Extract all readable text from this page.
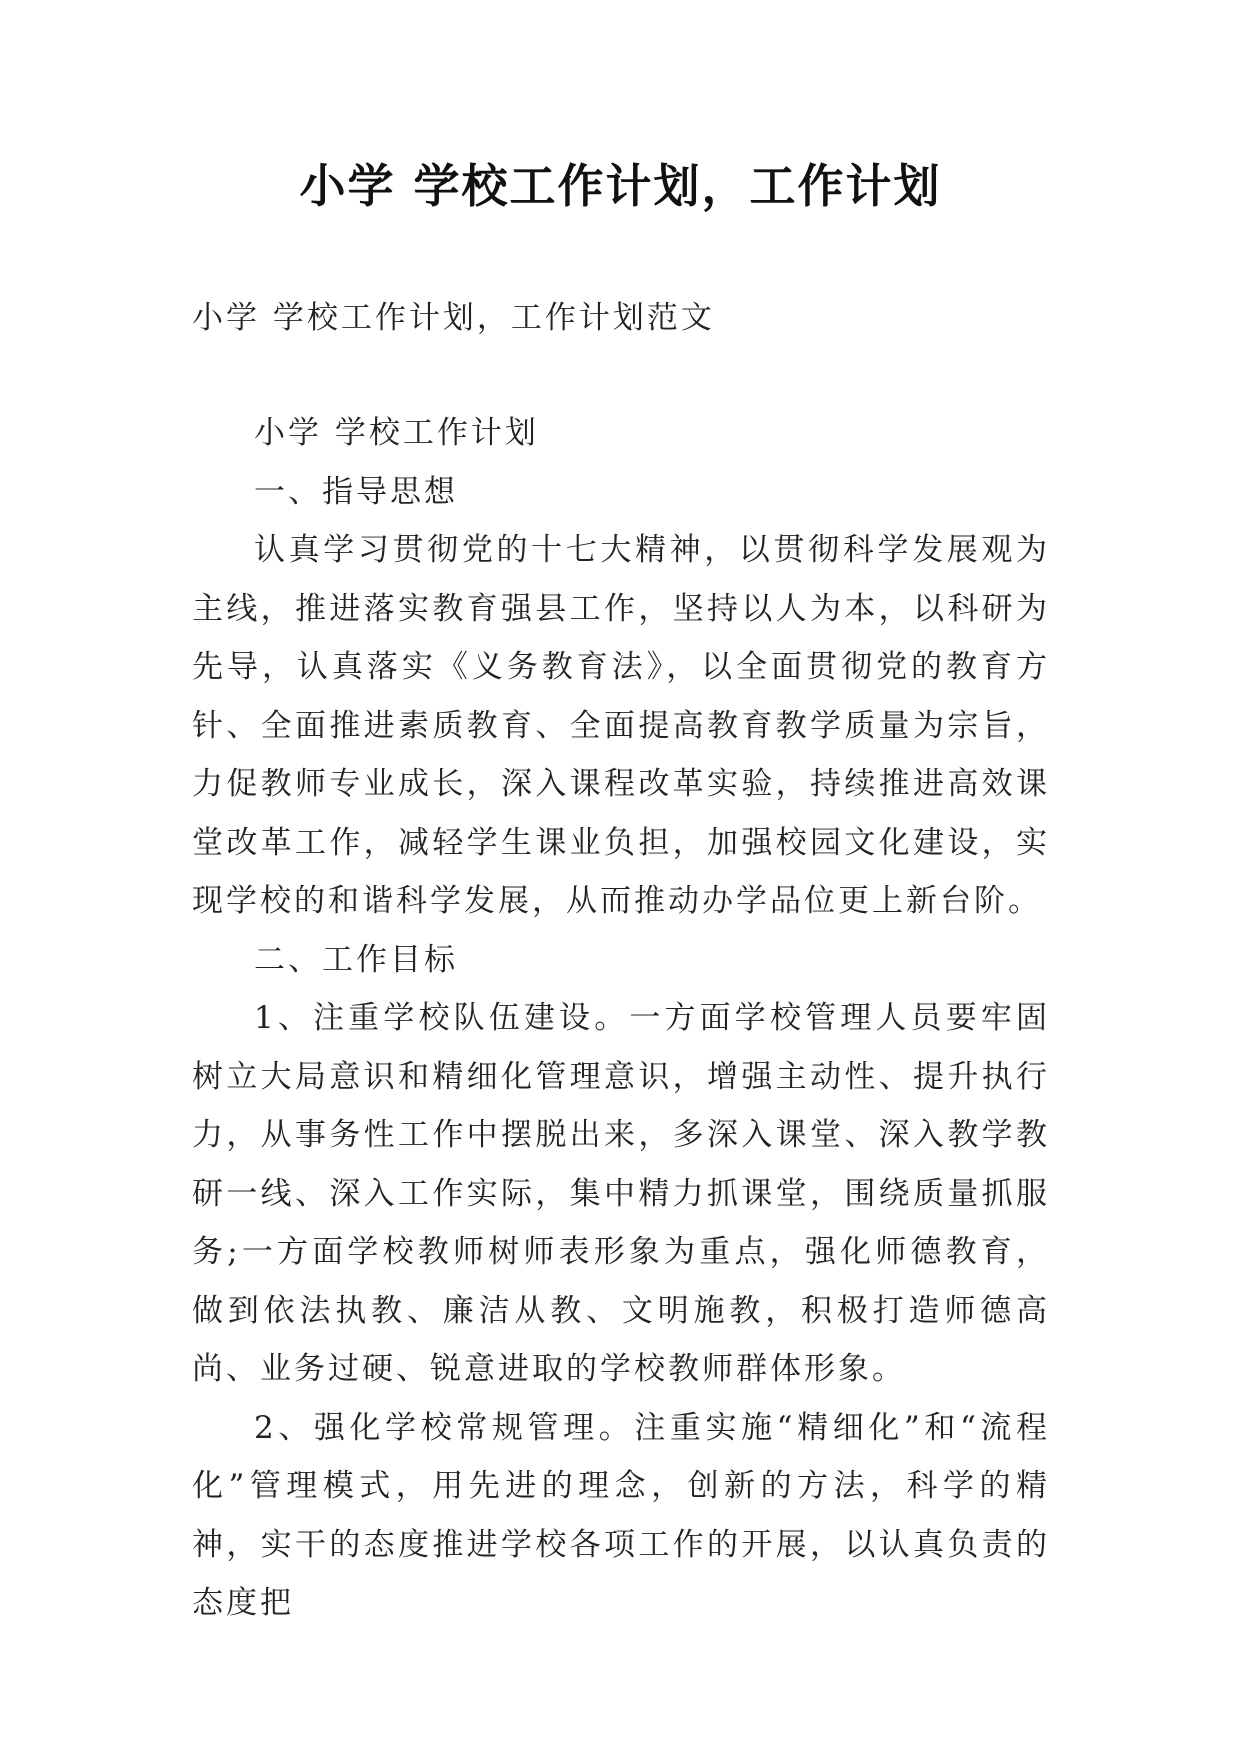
小学 学校工作计划，工作计划
小学 学校工作计划，工作计划范文

小学 学校工作计划

一、指导思想

认真学习贯彻党的十七大精神，以贯彻科学发展观为主线，推进落实教育强县工作，坚持以人为本，以科研为先导，认真落实《义务教育法》，以全面贯彻党的教育方针、全面推进素质教育、全面提高教育教学质量为宗旨，力促教师专业成长，深入课程改革实验，持续推进高效课堂改革工作，减轻学生课业负担，加强校园文化建设，实现学校的和谐科学发展，从而推动办学品位更上新台阶。

二、工作目标

1、注重学校队伍建设。一方面学校管理人员要牢固树立大局意识和精细化管理意识，增强主动性、提升执行力，从事务性工作中摆脱出来，多深入课堂、深入教学教研一线、深入工作实际，集中精力抓课堂，围绕质量抓服务;一方面学校教师树师表形象为重点，强化师德教育，做到依法执教、廉洁从教、文明施教，积极打造师德高尚、业务过硬、锐意进取的学校教师群体形象。

2、强化学校常规管理。注重实施“精细化”和“流程化”管理模式，用先进的理念，创新的方法，科学的精神，实干的态度推进学校各项工作的开展，以认真负责的态度把
